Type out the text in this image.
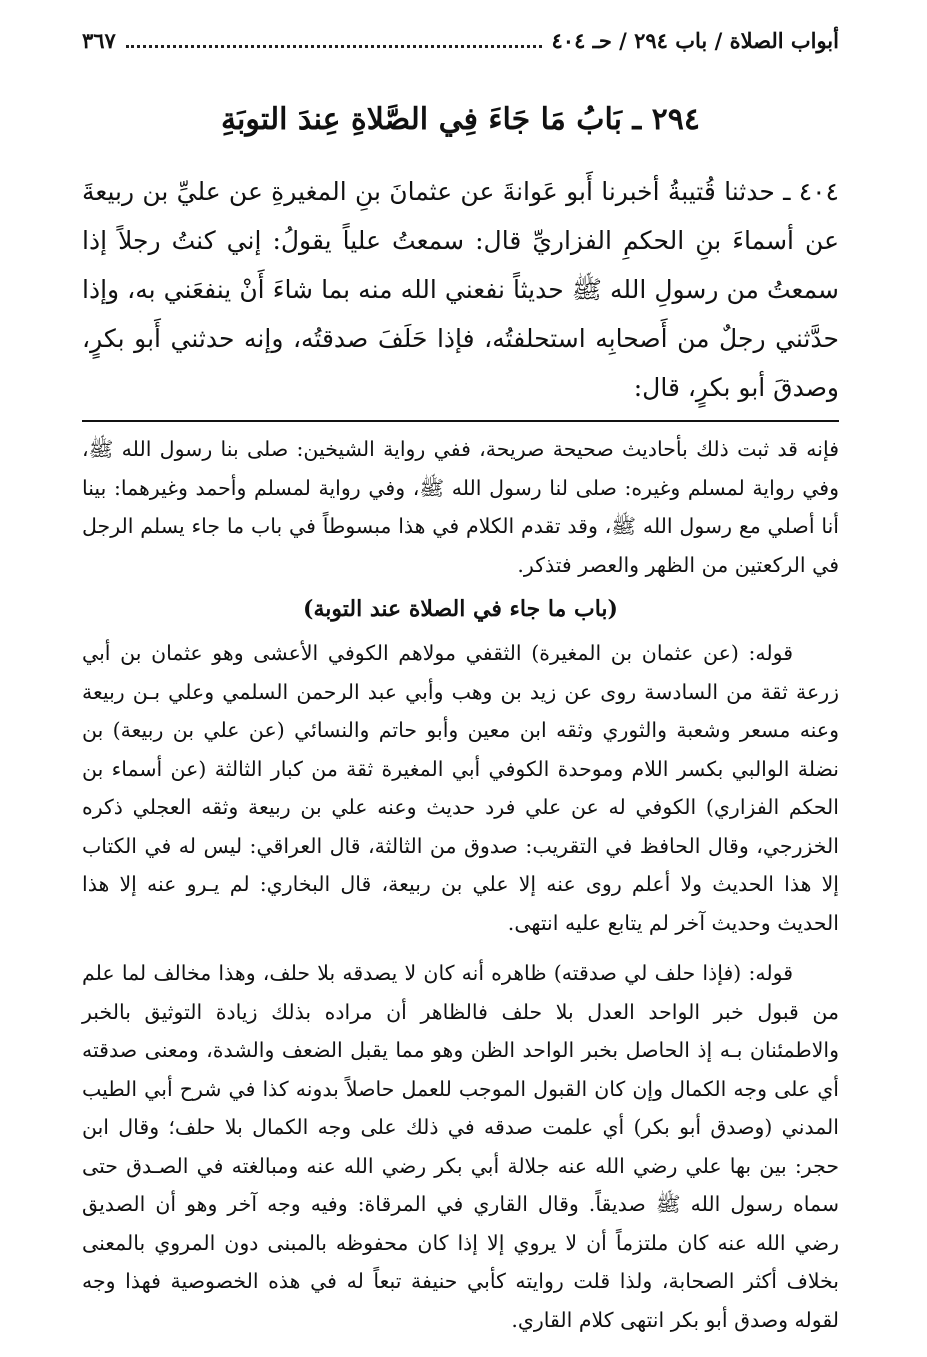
أبواب الصلاة / باب ٢٩٤ / حـ ٤٠٤
٣٦٧
٢٩٤ ـ بَابُ مَا جَاءَ فِي الصَّلاةِ عِندَ التوبَةِ

٤٠٤ ـ حدثنا قُتيبةُ أخبرنا أَبو عَوانةَ عن عثمانَ بنِ المغيرةِ عن عليِّ بن ربيعةَ عن أسماءَ بنِ الحكمِ الفزاريِّ قال: سمعتُ علياً يقولُ: إني كنتُ رجلاً إذا سمعتُ من رسولِ الله ﷺ حديثاً نفعني الله منه بما شاءَ أَنْ ينفعَني به، وإذا حدَّثني رجلٌ من أَصحابِه استحلفتُه، فإذا حَلَفَ صدقتُه، وإنه حدثني أَبو بكرٍ، وصدقَ أبو بكرٍ، قال:

فإنه قد ثبت ذلك بأحاديث صحيحة صريحة، ففي رواية الشيخين: صلى بنا رسول الله ﷺ، وفي رواية لمسلم وغيره: صلى لنا رسول الله ﷺ، وفي رواية لمسلم وأحمد وغيرهما: بينا أنا أصلي مع رسول الله ﷺ، وقد تقدم الكلام في هذا مبسوطاً في باب ما جاء يسلم الرجل في الركعتين من الظهر والعصر فتذكر.

(باب ما جاء في الصلاة عند التوبة)

قوله: (عن عثمان بن المغيرة) الثقفي مولاهم الكوفي الأعشى وهو عثمان بن أبي زرعة ثقة من السادسة روى عن زيد بن وهب وأبي عبد الرحمن السلمي وعلي بـن ربيعة وعنه مسعر وشعبة والثوري وثقه ابن معين وأبو حاتم والنسائي (عن علي بن ربيعة) بن نضلة الوالبي بكسر اللام وموحدة الكوفي أبي المغيرة ثقة من كبار الثالثة (عن أسماء بن الحكم الفزاري) الكوفي له عن علي فرد حديث وعنه علي بن ربيعة وثقه العجلي ذكره الخزرجي، وقال الحافظ في التقريب: صدوق من الثالثة، قال العراقي: ليس له في الكتاب إلا هذا الحديث ولا أعلم روى عنه إلا علي بن ربيعة، قال البخاري: لم يـرو عنه إلا هذا الحديث وحديث آخر لم يتابع عليه انتهى.

قوله: (فإذا حلف لي صدقته) ظاهره أنه كان لا يصدقه بلا حلف، وهذا مخالف لما علم من قبول خبر الواحد العدل بلا حلف فالظاهر أن مراده بذلك زيادة التوثيق بالخبر والاطمئنان بـه إذ الحاصل بخبر الواحد الظن وهو مما يقبل الضعف والشدة، ومعنى صدقته أي على وجه الكمال وإن كان القبول الموجب للعمل حاصلاً بدونه كذا في شرح أبي الطيب المدني (وصدق أبو بكر) أي علمت صدقه في ذلك على وجه الكمال بلا حلف؛ وقال ابن حجر: بين بها علي رضي الله عنه جلالة أبي بكر رضي الله عنه ومبالغته في الصـدق حتى سماه رسول الله ﷺ صديقاً. وقال القاري في المرقاة: وفيه وجه آخر وهو أن الصديق رضي الله عنه كان ملتزماً أن لا يروي إلا إذا كان محفوظه بالمبنى دون المروي بالمعنى بخلاف أكثر الصحابة، ولذا قلت روايته كأبي حنيفة تبعاً له في هذه الخصوصية فهذا وجه لقوله وصدق أبو بكر انتهى كلام القاري.
